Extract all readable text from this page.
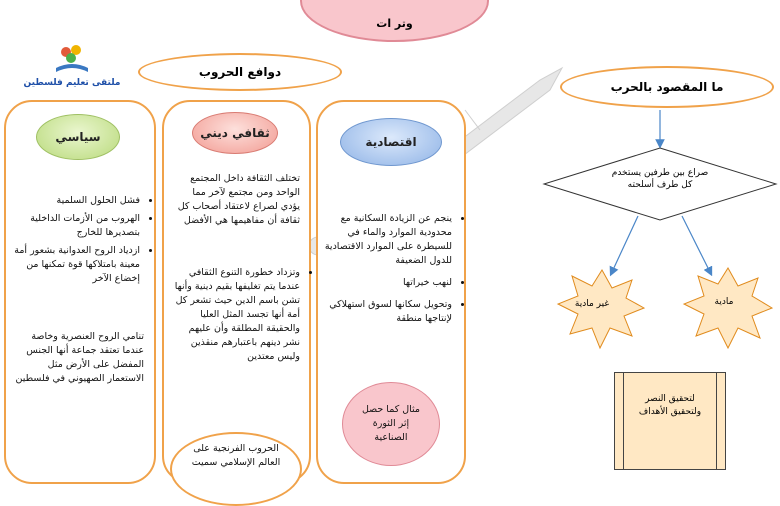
وتر ات
ملتقى تعليم فلسطين
دوافع الحروب
ما المقصود بالحرب
صراع بين طرفين يستخدم كل طرف أسلحته
غير مادية	مادية
لتحقيق النصر ولتحقيق الأهداف
سياسي
• فشل الحلول السلمية
• الهروب من الأزمات الداخلية بتصديرها للخارج
• ازدياد الروح العدوانية بشعور أمة معينة بامتلاكها قوة تمكنها من إخضاع الآخر

تنامي الروح العنصرية وخاصة عندما تعتقد جماعة أنها الجنس المفضل على الأرض مثل الاستعمار الصهيوني في فلسطين

ثقافي ديني

تختلف الثقافة داخل المجتمع الواحد ومن مجتمع لآخر مما يؤدي لصراع لاعتقاد أصحاب كل ثقافة أن مفاهيمها هي الأفضل

• وتزداد خطورة التنوع الثقافي عندما يتم تغليفها بقيم دينية وأنها تشن باسم الدين حيث تشعر كل أمة أنها تجسد المثل العليا والحقيقة المطلقة وأن عليهم نشر دينهم باعتبارهم منقذين وليس معتدين

الحروب الفرنجية على العالم الإسلامي سميت

اقتصادية
• ينجم عن الزيادة السكانية مع محدودية الموارد والماء في للسيطرة على الموارد الاقتصادية للدول الضعيفة
• لنهب خيراتها
• وتحويل سكانها لسوق استهلاكي لإنتاجها منطقة

مثال كما حصل إثر الثورة الصناعية
